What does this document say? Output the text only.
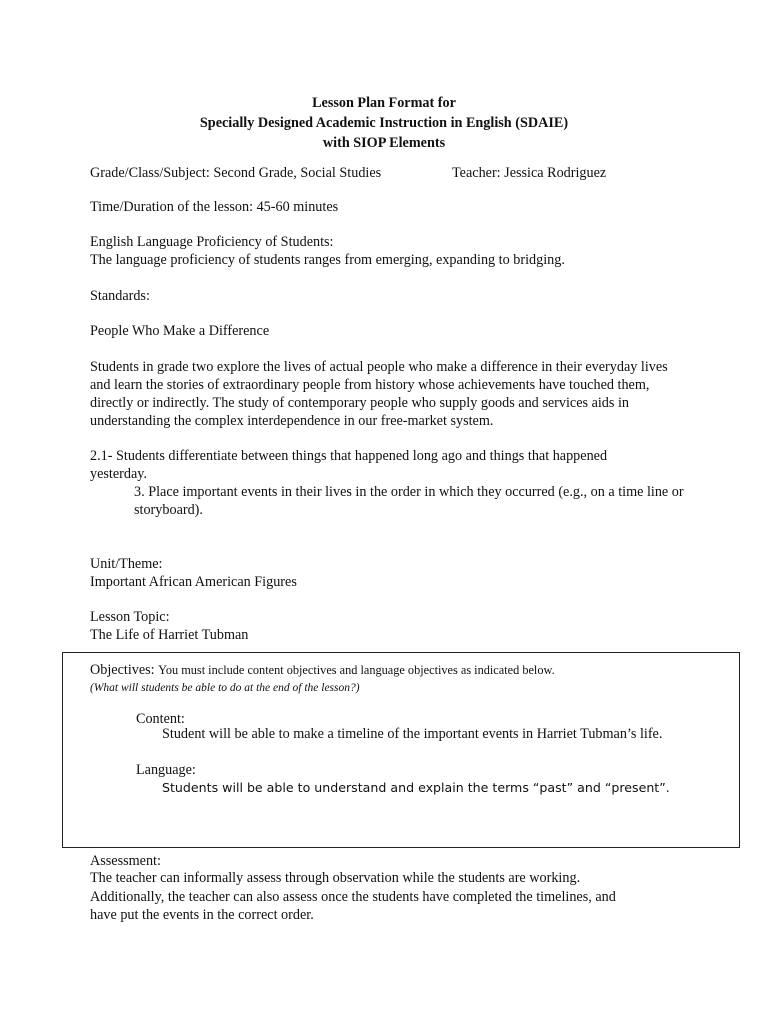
Lesson Plan Format for
Specially Designed Academic Instruction in English (SDAIE)
with SIOP Elements
Grade/Class/Subject: Second Grade, Social Studies	Teacher: Jessica Rodriguez
Time/Duration of the lesson: 45-60 minutes
English Language Proficiency of Students:
The language proficiency of students ranges from emerging, expanding to bridging.
Standards:
People Who Make a Difference
Students in grade two explore the lives of actual people who make a difference in their everyday lives and learn the stories of extraordinary people from history whose achievements have touched them, directly or indirectly. The study of contemporary people who supply goods and services aids in understanding the complex interdependence in our free-market system.
2.1- Students differentiate between things that happened long ago and things that happened yesterday.
3. Place important events in their lives in the order in which they occurred (e.g., on a time line or storyboard).
Unit/Theme:
Important African American Figures
Lesson Topic:
The Life of Harriet Tubman
Objectives: You must include content objectives and language objectives as indicated below.
(What will students be able to do at the end of the lesson?)
Content:
Student will be able to make a timeline of the important events in Harriet Tubman’s life.
Language:
Students will be able to understand and explain the terms “past” and “present”.
Assessment:
The teacher can informally assess through observation while the students are working.
Additionally, the teacher can also assess once the students have completed the timelines, and
have put the events in the correct order.
